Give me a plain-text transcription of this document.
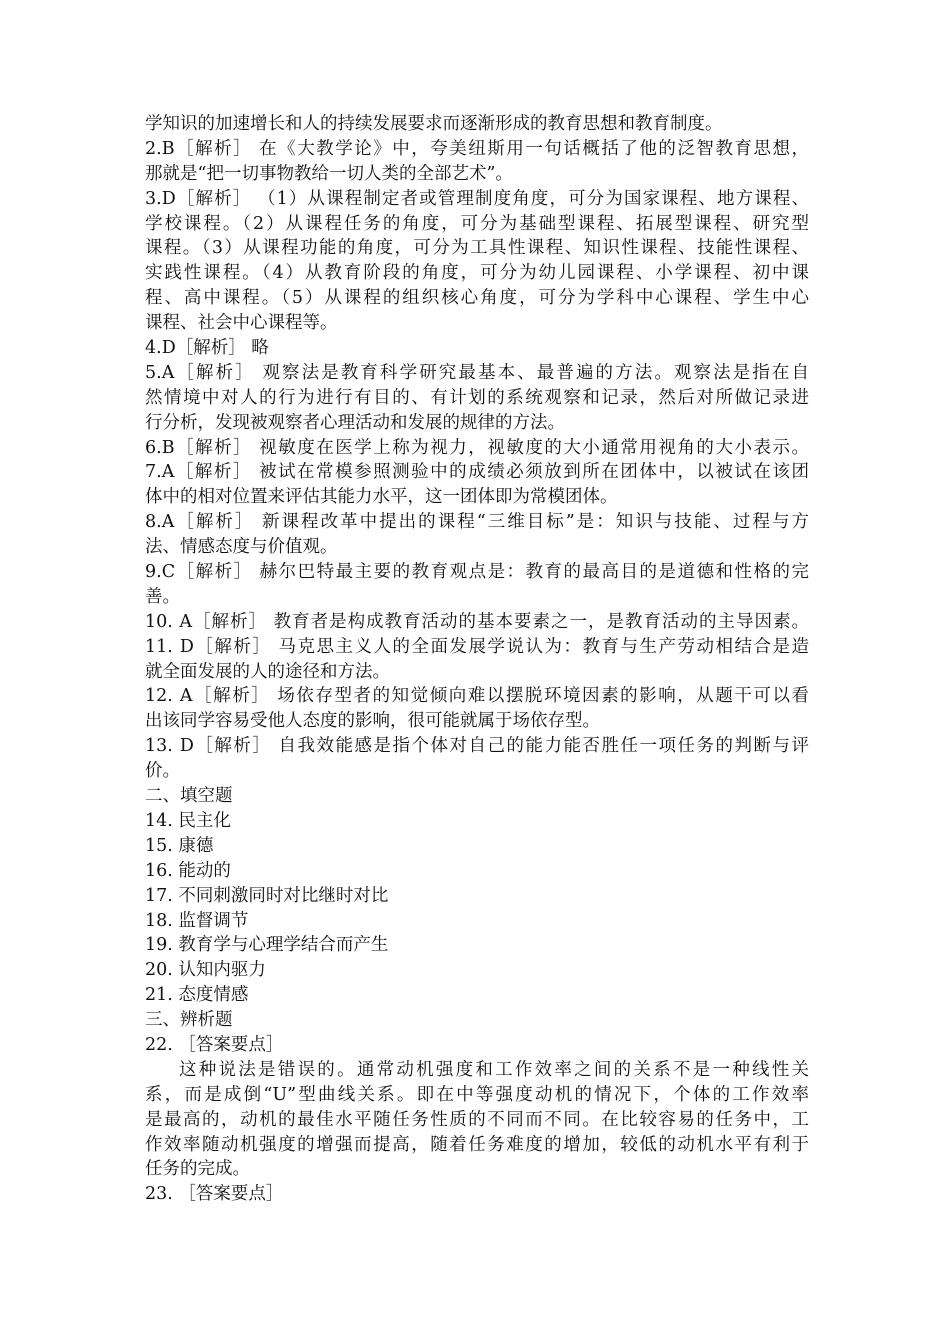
学知识的加速增长和人的持续发展要求而逐渐形成的教育思想和教育制度。
2.B［解析］ 在《大教学论》中，夸美纽斯用一句话概括了他的泛智教育思想，
那就是“把一切事物教给一切人类的全部艺术”。
3.D［解析］ （1）从课程制定者或管理制度角度，可分为国家课程、地方课程、
学校课程。（2）从课程任务的角度，可分为基础型课程、拓展型课程、研究型
课程。（3）从课程功能的角度，可分为工具性课程、知识性课程、技能性课程、
实践性课程。（4）从教育阶段的角度，可分为幼儿园课程、小学课程、初中课
程、高中课程。（5）从课程的组织核心角度，可分为学科中心课程、学生中心
课程、社会中心课程等。
4.D［解析］ 略
5.A［解析］ 观察法是教育科学研究最基本、最普遍的方法。观察法是指在自
然情境中对人的行为进行有目的、有计划的系统观察和记录，然后对所做记录进
行分析，发现被观察者心理活动和发展的规律的方法。
6.B［解析］ 视敏度在医学上称为视力，视敏度的大小通常用视角的大小表示。
7.A［解析］ 被试在常模参照测验中的成绩必须放到所在团体中，以被试在该团
体中的相对位置来评估其能力水平，这一团体即为常模团体。
8.A［解析］ 新课程改革中提出的课程“三维目标”是：知识与技能、过程与方
法、情感态度与价值观。
9.C［解析］ 赫尔巴特最主要的教育观点是：教育的最高目的是道德和性格的完
善。
10. A［解析］ 教育者是构成教育活动的基本要素之一，是教育活动的主导因素。
11. D［解析］ 马克思主义人的全面发展学说认为：教育与生产劳动相结合是造
就全面发展的人的途径和方法。
12. A［解析］ 场依存型者的知觉倾向难以摆脱环境因素的影响，从题干可以看
出该同学容易受他人态度的影响，很可能就属于场依存型。
13. D［解析］ 自我效能感是指个体对自己的能力能否胜任一项任务的判断与评
价。
二、填空题
14. 民主化
15. 康德
16. 能动的
17. 不同刺激同时对比继时对比
18. 监督调节
19. 教育学与心理学结合而产生
20. 认知内驱力
21. 态度情感
三、辨析题
22. ［答案要点］
这种说法是错误的。通常动机强度和工作效率之间的关系不是一种线性关
系，而是成倒“U”型曲线关系。即在中等强度动机的情况下，个体的工作效率
是最高的，动机的最佳水平随任务性质的不同而不同。在比较容易的任务中，工
作效率随动机强度的增强而提高，随着任务难度的增加，较低的动机水平有利于
任务的完成。
23. ［答案要点］
